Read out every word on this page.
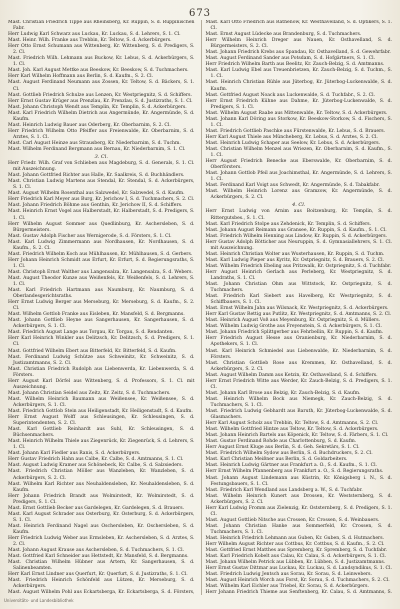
673

Mast. Christian Friedrich Tippe aus Rheinsberg, Kr. Ruppin, S. d. Ruppinischen Fabr.

Herr Ludwig Karl Schwarz aus Luckau, Kr. Luckau, S. d. Lehrers, S. 1. Cl.

Mast. Heinr. Wilh. Franke aus Trebbin, Kr. Teltow, S. d. Ackerbürgers.

Herr Otto Ernst Schumann aus Wittenberg, Kr. Wittenberg, S. d. Predigers, S. 2. Cl.

Mast. Friedrich Wilh. Lehmann aus Buckow, Kr. Lebus, S. d. Ackerbürgers, S. 1. Cl.

Mast. Joh. Karl August Mettke aus Beeskow, Kr. Beeskow, S. d. Tuchmachers.

Herr Karl Wilhelm Hoffmann aus Berlin, S. d. Kaufm., S. 2. Cl.

Mast. August Ferdinand Neumann aus Zossen, Kr. Teltow, S. d. Bäckers, S. 1. Cl.

Mast. Gottlieb Friedrich Schulze aus Lenzen, Kr. Westpriegnitz, S. d. Schiffers.

Herr Ernst Gustav Krüger aus Prenzlau, Kr. Prenzlau, S. d. Justizraths, S. 1. Cl.

Mast. Johann Christoph Wendt aus Templin, Kr. Templin, S. d. Ackerbürgers.

Mast. Karl Friedrich Wilhelm Dietrich aus Angermünde, Kr. Angermünde, S. d. Kaufm.

Mast. Heinrich Ludwig Bauer aus Oderberg, Kr. Oberbarnim, S. 2. Cl.

Herr Friedrich Wilhelm Otto Pfeiffer aus Freienwalde, Kr. Oberbarnim, S. d. Arztes, S. 1. Cl.

Mast. Carl August Heinze aus Strausberg, Kr. Niederbarnim, S. d. Tuchm.

Mast. Wilhelm Ferdinand Bergmann aus Bernau, Kr. Niederbarnim, S. 1. Cl.

3. Cl.

Herr Friedr. Wilh. Graf von Schlieben aus Magdeburg, S. d. Generals, S. 1. Cl. mit Auszeichnung.

Mast. Johann Gottfried Richter aus Halle, Kr. Saalkreis, S. d. Buchhändlers.

Mast. Christian Ludwig Martens aus Stendal, Kr. Stendal, S. d. Ackerbürgers, S. 1. Cl.

Mast. August Wilhelm Rosenthal aus Salzwedel, Kr. Salzwedel, S. d. Kaufm.

Herr Friedrich Karl Meyer aus Burg, Kr. Jerichow I, S. d. Tuchmachers, S. 2. Cl.

Mast. Johann Friedrich Böhme aus Genthin, Kr. Jerichow II, S. d. Schiffers.

Mast. Heinrich Ernst Vogel aus Halberstadt, Kr. Halberstadt, S. d. Predigers, S. 1. Cl.

Herr Wilhelm August Sommer aus Quedlinburg, Kr. Aschersleben, S. d. Bürgermeisters.

Mast. Gustav Adolph Fischer aus Wernigerode, S. d. Försters, S. 1. Cl.

Mast. Karl Ludwig Zimmermann aus Nordhausen, Kr. Nordhausen, S. d. Kaufm., S. 2. Cl.

Mast. Friedrich Wilhelm Koch aus Mühlhausen, Kr. Mühlhausen, S. d. Gerbers.

Herr Johann Heinrich Schmidt aus Erfurt, Kr. Erfurt, S. d. Regierungsraths, S. 1. Cl.

Mast. Christoph Ernst Walther aus Langensalza, Kr. Langensalza, S. d. Webers.

Mast. August Theodor Kunze aus Weißenfels, Kr. Weißenfels, S. d. Lehrers, S. 1. Cl.

Mast. Karl Friedrich Hartmann aus Naumburg, Kr. Naumburg, S. d. Oberlandesgerichtsraths.

Herr Ernst Ludwig Berger aus Merseburg, Kr. Merseburg, S. d. Kaufm., S. 2. Cl.

Mast. Wilhelm Gottlob Franke aus Eisleben, Kr. Mansfeld, S. d. Bergmanns.

Mast. Johann Gottlieb Heyne aus Sangerhausen, Kr. Sangerhausen, S. d. Ackerbürgers, S. 1. Cl.

Mast. Friedrich August Lange aus Torgau, Kr. Torgau, S. d. Rendanten.

Herr Karl Heinrich Winkler aus Delitzsch, Kr. Delitzsch, S. d. Predigers, S. 1. Cl.

Mast. Gottfried Wilhelm Ebert aus Bitterfeld, Kr. Bitterfeld, S. d. Kaufm.

Mast. Ferdinand Ludwig Schütze aus Schweinitz, Kr. Schweinitz, S. d. Justizamtmanns, S. 2. Cl.

Mast. Christian Friedrich Rudolph aus Liebenwerda, Kr. Liebenwerda, S. d. Försters.

Herr August Karl Dörfel aus Wittenberg, S. d. Professors, S. 1. Cl. mit Auszeichnung.

Mast. Johann Christian Seidel aus Zeitz, Kr. Zeitz, S. d. Tuchmachers.

Mast. Wilhelm Heinrich Baumann aus Weißensee, Kr. Weißensee, S. d. Ackerbürgers, S. 1. Cl.

Mast. Friedrich Gottlob Stein aus Heiligenstadt, Kr. Heiligenstadt, S. d. Kaufm.

Herr Ernst August Wolff aus Schleusingen, Kr. Schleusingen, S. d. Superintendenten, S. 2. Cl.

Mast. Karl Gottlieb Reinhardt aus Suhl, Kr. Schleusingen, S. d. Büchsenmachers.

Mast. Heinrich Wilhelm Thiele aus Ziegenrück, Kr. Ziegenrück, S. d. Lehrers, S. 1. Cl.

Mast. Johann Karl Fiedler aus Ranis, S. d. Ackerbürgers.

Herr Gustav Friedrich Hahn aus Calbe, Kr. Calbe, S. d. Amtmanns, S. 1. Cl.

Mast. August Ludwig Kramer aus Schönebeck, Kr. Calbe, S. d. Salzsieders.

Mast. Friedrich Christian Möller aus Wanzleben, Kr. Wanzleben, S. d. Ackerbürgers, S. 2. Cl.

Mast. Wilhelm Karl Richter aus Neuhaldensleben, Kr. Neuhaldensleben, S. d. Kaufm.

Herr Johann Friedrich Brandt aus Wolmirstedt, Kr. Wolmirstedt, S. d. Predigers, S. 1. Cl.

Mast. Ernst Gottlieb Becker aus Gardelegen, Kr. Gardelegen, S. d. Brauers.

Mast. Karl August Schrader aus Osterburg, Kr. Osterburg, S. d. Ackerbürgers, S. 1. Cl.

Mast. Heinrich Ferdinand Nagel aus Oschersleben, Kr. Oschersleben, S. d. Kaufm.

Herr Friedrich Ludwig Weber aus Ermsleben, Kr. Aschersleben, S. d. Arztes, S. 2. Cl.

Mast. Johann August Krause aus Aschersleben, S. d. Tuchmachers, S. 1. Cl.

Mast. Gottfried Karl Schneider aus Hettstedt, Kr. Mansfeld, S. d. Bergmanns.

Mast. Christian Wilhelm Hübner aus Artern, Kr. Sangerhausen, S. d. Salinenbeamten.

Herr Karl Ernst Lindner aus Querfurt, Kr. Querfurt, S. d. Justizraths, S. 1. Cl.

Mast. Friedrich Heinrich Schönfeld aus Lützen, Kr. Merseburg, S. d. Ackerbürgers.

Mast. August Wilhelm Pohl aus Eckartsberga, Kr. Eckartsberga, S. d. Försters,

Mast. Karl Otto Friedrich aus Rathenow, Kr. Westhavelland, S. d. Optikers, S. 1. Cl.

Mast. Ernst August Lüdecke aus Brandenburg, S. d. Tuchmachers.

Herr Wilhelm Heinrich Dreger aus Nauen, Kr. Osthavelland, S. d. Bürgermeisters, S. 2. Cl.

Mast. Johann Friedrich Krebs aus Spandau, Kr. Osthavelland, S. d. Gewehrfabr.

Mast. August Ferdinand Sander aus Potsdam, S. d. Hofgärtners, S. 1. Cl.

Herr Friedrich Wilhelm Barth aus Beelitz, Kr. Zauch-Belzig, S. d. Amtmanns.

Mast. Karl Ludwig Ebel aus Treuenbrietzen, Kr. Zauch-Belzig, S. d. Tuchm., S. 1. Cl.

Mast. Heinrich Christian Rühle aus Jüterbog, Kr. Jüterbog-Luckenwalde, S. d. Kaufm.

Mast. Gottfried August Noack aus Luckenwalde, S. d. Tuchfabr., S. 2. Cl.

Herr Ernst Friedrich Kühne aus Dahme, Kr. Jüterbog-Luckenwalde, S. d. Predigers, S. 1. Cl.

Mast. Wilhelm August Raabe aus Mittenwalde, Kr. Teltow, S. d. Ackerbürgers.

Mast. Johann Karl Döring aus Storkow, Kr. Beeskow-Storkow, S. d. Fischers, S. 1. Cl.

Mast. Friedrich Gottlieb Paschke aus Fürstenwalde, Kr. Lebus, S. d. Brauers.

Herr Karl August Thiele aus Müncheberg, Kr. Lebus, S. d. Arztes, S. 2. Cl.

Mast. Heinrich Ludwig Schaper aus Seelow, Kr. Lebus, S. d. Ackerbürgers.

Mast. Christian Wilhelm Menzel aus Wriezen, Kr. Oberbarnim, S. d. Kaufm., S. 1. Cl.

Herr August Friedrich Benecke aus Eberswalde, Kr. Oberbarnim, S. d. Oberförsters.

Mast. Johann Gottlob Pfeil aus Joachimsthal, Kr. Angermünde, S. d. Lehrers, S. 1. Cl.

Mast. Ferdinand Karl Voigt aus Schwedt, Kr. Angermünde, S. d. Tabakfabr.

Mast. Wilhelm Heinrich Lorenz aus Gramzow, Kr. Angermünde, S. d. Ackerbürgers, S. 2. Cl.

4. Cl.

Herr Ernst Ludwig von Arnim aus Boitzenburg, Kr. Templin, S. d. Rittergutsbes., S. 1. Cl.

Mast. Karl Friedrich Stolpe aus Zehdenick, Kr. Templin, S. d. Schiffers.

Mast. Johann August Reimann aus Gransee, Kr. Ruppin, S. d. Kaufm., S. 1. Cl.

Mast. Friedrich Wilhelm Henning aus Lindow, Kr. Ruppin, S. d. Ackerbürgers.

Herr Gustav Adolph Bötticher aus Neuruppin, S. d. Gymnasiallehrers, S. 1. Cl. mit Auszeichnung.

Mast. Heinrich Christian Wolter aus Wusterhausen, Kr. Ruppin, S. d. Tuchm.

Mast. Karl Ludwig Pieper aus Kyritz, Kr. Ostpriegnitz, S. d. Brauers, S. 2. Cl.

Mast. Wilhelm Friedrich Ebeling aus Pritzwalk, Kr. Ostpriegnitz, S. d. Tuchfabr.

Herr August Heinrich Gerlach aus Perleberg, Kr. Westpriegnitz, S. d. Landraths, S. 1. Cl.

Mast. Johann Christian Ohm aus Wittstock, Kr. Ostpriegnitz, S. d. Tuchmachers.

Mast. Friedrich Karl Siebert aus Havelberg, Kr. Westpriegnitz, S. d. Schiffbauers, S. 1. Cl.

Mast. Ernst Wilhelm Jahn aus Wilsnack, Kr. Westpriegnitz, S. d. Ackerbürgers.

Herr Karl Gustav Rettig aus Putlitz, Kr. Westpriegnitz, S. d. Amtmanns, S. 2. Cl.

Mast. Heinrich August Voß aus Meyenburg, Kr. Ostpriegnitz, S. d. Müllers.

Mast. Wilhelm Ludwig Grothe aus Freyenstein, S. d. Ackerbürgers, S. 1. Cl.

Mast. Johann Friedrich Splittgerber aus Fehrbellin, Kr. Ruppin, S. d. Kaufm.

Herr Friedrich August Hesse aus Oranienburg, Kr. Niederbarnim, S. d. Apothekers, S. 1. Cl.

Mast. Karl Heinrich Schmiedel aus Liebenwalde, Kr. Niederbarnim, S. d. Försters.

Mast. Christian Gottlieb Rose aus Kremmen, Kr. Osthavelland, S. d. Ackerbürgers, S. 2. Cl.

Mast. August Wilhelm Damm aus Ketzin, Kr. Osthavelland, S. d. Schiffers.

Herr Ernst Friedrich Witte aus Werder, Kr. Zauch-Belzig, S. d. Predigers, S. 1. Cl.

Mast. Johann Karl Brose aus Belzig, Kr. Zauch-Belzig, S. d. Kaufm.

Mast. Heinrich Wilhelm Bock aus Niemegk, Kr. Zauch-Belzig, S. d. Tuchmachers, S. 1. Cl.

Mast. Friedrich Ludwig Gebhardt aus Baruth, Kr. Jüterbog-Luckenwalde, S. d. Glasmachers.

Herr Karl August Scholz aus Trebbin, Kr. Teltow, S. d. Amtmanns, S. 2. Cl.

Mast. Wilhelm Gottfried Hintze aus Teltow, Kr. Teltow, S. d. Ackerbürgers.

Mast. Johann Heinrich Bartels aus Köpenick, Kr. Teltow, S. d. Färbers, S. 1. Cl.

Mast. Gustav Ferdinand Rohde aus Charlottenburg, S. d. Kaufm.

Herr August Ernst Kluge aus Berlin, S. d. Geh. Sekretärs, S. 1. Cl.

Mast. Friedrich Wilhelm Sydow aus Berlin, S. d. Buchdruckers, S. 2. Cl.

Mast. Karl Christian Meißner aus Berlin, S. d. Goldarbeiters.

Mast. Heinrich Ludwig Gärtner aus Frankfurt a. O., S. d. Kaufm., S. 1. Cl.

Herr Ernst Wilhelm Pfannenberg aus Frankfurt a. O., S. d. Regierungsraths.

Mast. Johann August Lindemann aus Küstrin, Kr. Königsberg i. N., S. d. Festungsbauers, S. 1. Cl.

Mast. Friedrich Karl Wendland aus Landsberg a. W., S. d. Tuchfabr.

Mast. Wilhelm Heinrich Kunert aus Drossen, Kr. Weststernberg, S. d. Ackerbürgers, S. 2. Cl.

Herr Karl Ludwig Fromm aus Zielenzig, Kr. Oststernberg, S. d. Predigers, S. 1. Cl.

Mast. August Gottlieb Nitsche aus Crossen, Kr. Crossen, S. d. Weinbauers.

Mast. Johann Christian Hanke aus Sommerfeld, Kr. Crossen, S. d. Tuchmachers, S. 1. Cl.

Mast. Heinrich Friedrich Lehmann aus Guben, Kr. Guben, S. d. Hutmachers.

Herr Wilhelm August Richter aus Cottbus, Kr. Cottbus, S. d. Kaufm., S. 2. Cl.

Mast. Gottfried Ernst Matthes aus Spremberg, Kr. Spremberg, S. d. Tuchfabr.

Mast. Karl Friedrich Kobelt aus Calau, Kr. Calau, S. d. Ackerbürgers, S. 1. Cl.

Mast. Johann Wilhelm Petrick aus Lübben, Kr. Lübben, S. d. Justizamtmanns.

Herr Ernst Gustav Dittmar aus Luckau, Kr. Luckau, S. d. Landsyndikus, S. 1. Cl.

Mast. Friedrich Ludwig Jentsch aus Sorau, Kr. Sorau, S. d. Leinwebers.

Mast. August Heinrich Worch aus Forst, Kr. Sorau, S. d. Tuchmachers, S. 2. Cl.

Mast. Wilhelm Karl Eichler aus Triebel, Kr. Sorau, S. d. Ackerbürgers.

Herr Johann Friedrich Thieme aus Senftenberg, Kr. Calau, S. d. Amtmanns, S.

Universitäts- und Landesbibliothek
